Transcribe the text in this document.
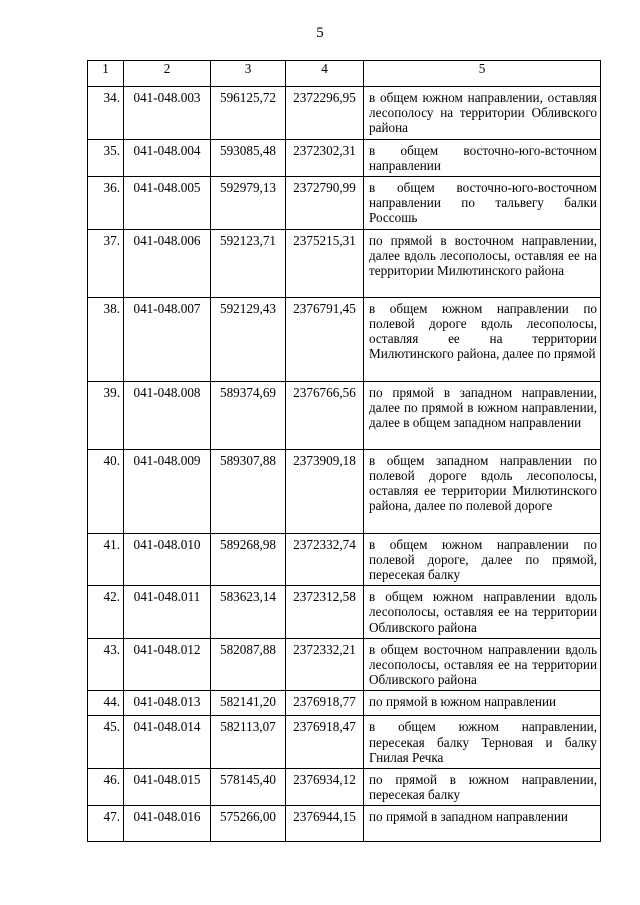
5
1	2	3	4	5
34.	041-048.003	596125,72	2372296,95	в общем южном направлении, оставляя лесополосу на территории Обливского района
35.	041-048.004	593085,48	2372302,31	в общем восточно-юго-всточном направлении
36.	041-048.005	592979,13	2372790,99	в общем восточно-юго-восточном направлении по тальвегу балки Россошь
37.	041-048.006	592123,71	2375215,31	по прямой в восточном направлении, далее вдоль лесополосы, оставляя ее на территории Милютинского района
38.	041-048.007	592129,43	2376791,45	в общем южном направлении по полевой дороге вдоль лесополосы, оставляя ее на территории Милютинского района, далее по прямой
39.	041-048.008	589374,69	2376766,56	по прямой в западном направлении, далее по прямой в южном направлении, далее в общем западном направлении
40.	041-048.009	589307,88	2373909,18	в общем западном направлении по полевой дороге вдоль лесополосы, оставляя ее территории Милютинского района, далее по полевой дороге
41.	041-048.010	589268,98	2372332,74	в общем южном направлении по полевой дороге, далее по прямой, пересекая балку
42.	041-048.011	583623,14	2372312,58	в общем южном направлении вдоль лесополосы, оставляя ее на территории Обливского района
43.	041-048.012	582087,88	2372332,21	в общем восточном направлении вдоль лесополосы, оставляя ее на территории Обливского района
44.	041-048.013	582141,20	2376918,77	по прямой в южном направлении
45.	041-048.014	582113,07	2376918,47	в общем южном направлении, пересекая балку Терновая и балку Гнилая Речка
46.	041-048.015	578145,40	2376934,12	по прямой в южном направлении, пересекая балку
47.	041-048.016	575266,00	2376944,15	по прямой в западном направлении
